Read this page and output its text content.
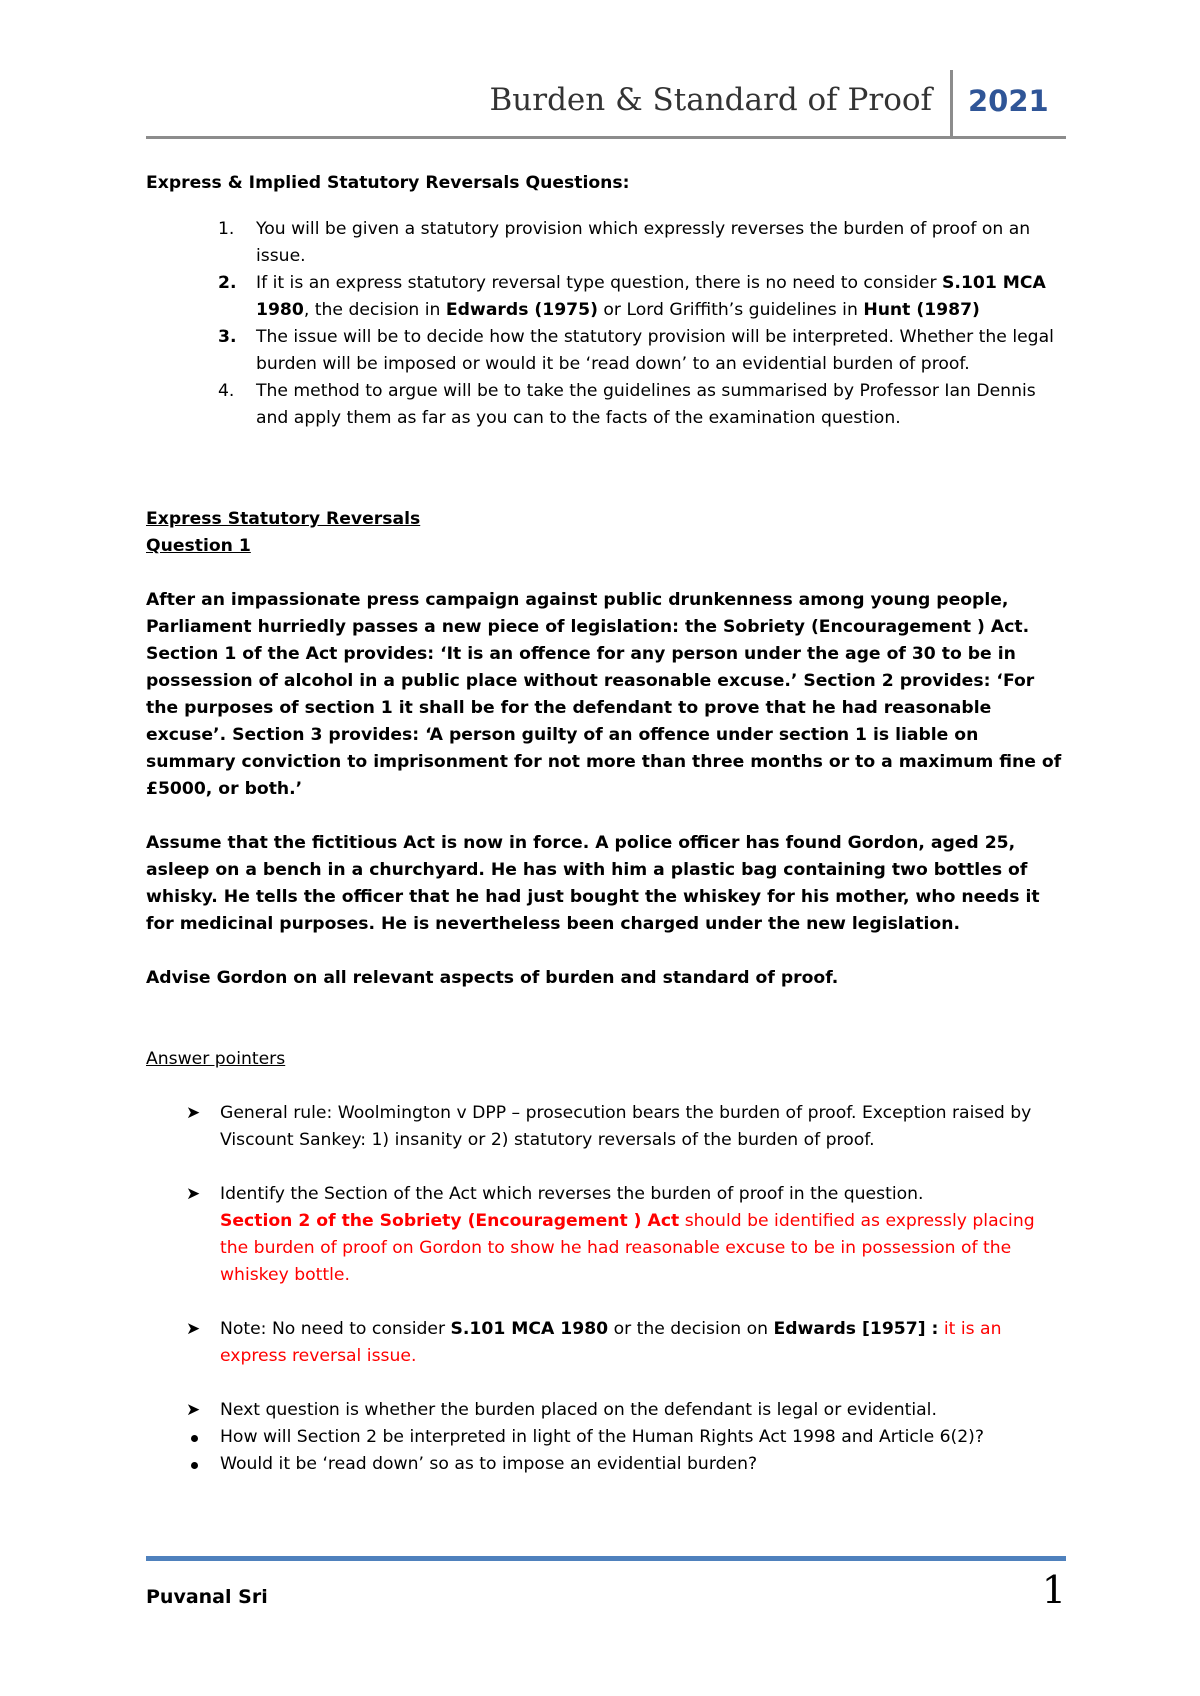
Burden & Standard of Proof 2021

Express & Implied Statutory Reversals Questions:

1. You will be given a statutory provision which expressly reverses the burden of proof on an issue.
2. If it is an express statutory reversal type question, there is no need to consider S.101 MCA 1980, the decision in Edwards (1975) or Lord Griffith’s guidelines in Hunt (1987)
3. The issue will be to decide how the statutory provision will be interpreted. Whether the legal burden will be imposed or would it be ‘read down’ to an evidential burden of proof.
4. The method to argue will be to take the guidelines as summarised by Professor Ian Dennis and apply them as far as you can to the facts of the examination question.

Express Statutory Reversals

Question 1

After an impassionate press campaign against public drunkenness among young people, Parliament hurriedly passes a new piece of legislation: the Sobriety (Encouragement ) Act. Section 1 of the Act provides: ‘It is an offence for any person under the age of 30 to be in possession of alcohol in a public place without reasonable excuse.’ Section 2 provides: ‘For the purposes of section 1 it shall be for the defendant to prove that he had reasonable excuse’. Section 3 provides: ‘A person guilty of an offence under section 1 is liable on summary conviction to imprisonment for not more than three months or to a maximum fine of £5000, or both.’

Assume that the fictitious Act is now in force. A police officer has found Gordon, aged 25, asleep on a bench in a churchyard. He has with him a plastic bag containing two bottles of whisky. He tells the officer that he had just bought the whiskey for his mother, who needs it for medicinal purposes. He is nevertheless been charged under the new legislation.

Advise Gordon on all relevant aspects of burden and standard of proof.

Answer pointers

➤ General rule: Woolmington v DPP – prosecution bears the burden of proof. Exception raised by Viscount Sankey: 1) insanity or 2) statutory reversals of the burden of proof.
➤ Identify the Section of the Act which reverses the burden of proof in the question.
Section 2 of the Sobriety (Encouragement ) Act should be identified as expressly placing the burden of proof on Gordon to show he had reasonable excuse to be in possession of the whiskey bottle.
➤ Note: No need to consider S.101 MCA 1980 or the decision on Edwards [1957] : it is an express reversal issue.
➤ Next question is whether the burden placed on the defendant is legal or evidential.
How will Section 2 be interpreted in light of the Human Rights Act 1998 and Article 6(2)?
Would it be ‘read down’ so as to impose an evidential burden?
Puvanal Sri	1
